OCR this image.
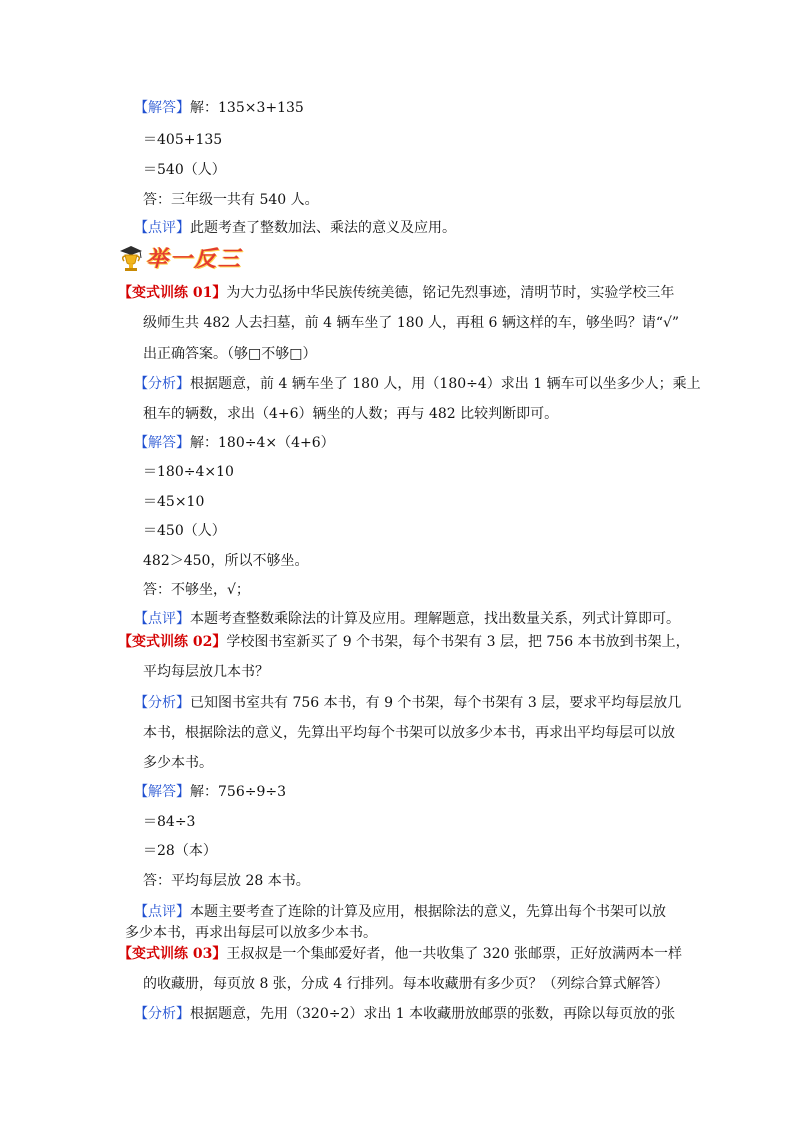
【解答】解：135×3+135
＝405+135
＝540（人）
答：三年级一共有 540 人。
【点评】此题考查了整数加法、乘法的意义及应用。
举一反三
【变式训练 01】为大力弘扬中华民族传统美德，铭记先烈事迹，清明节时，实验学校三年
级师生共 482 人去扫墓，前 4 辆车坐了 180 人，再租 6 辆这样的车，够坐吗？请“√”
出正确答案。（够□不够□）
【分析】根据题意，前 4 辆车坐了 180 人，用（180÷4）求出 1 辆车可以坐多少人；乘上
租车的辆数，求出（4+6）辆坐的人数；再与 482 比较判断即可。
【解答】解：180÷4×（4+6）
＝180÷4×10
＝45×10
＝450（人）
482＞450，所以不够坐。
答：不够坐，√；
【点评】本题考查整数乘除法的计算及应用。理解题意，找出数量关系，列式计算即可。
【变式训练 02】学校图书室新买了 9 个书架，每个书架有 3 层，把 756 本书放到书架上，
平均每层放几本书？
【分析】已知图书室共有 756 本书，有 9 个书架，每个书架有 3 层，要求平均每层放几
本书，根据除法的意义，先算出平均每个书架可以放多少本书，再求出平均每层可以放
多少本书。
【解答】解：756÷9÷3
＝84÷3
＝28（本）
答：平均每层放 28 本书。
【点评】本题主要考查了连除的计算及应用，根据除法的意义，先算出每个书架可以放
多少本书，再求出每层可以放多少本书。
【变式训练 03】王叔叔是一个集邮爱好者，他一共收集了 320 张邮票，正好放满两本一样
的收藏册，每页放 8 张，分成 4 行排列。每本收藏册有多少页？（列综合算式解答）
【分析】根据题意，先用（320÷2）求出 1 本收藏册放邮票的张数，再除以每页放的张
